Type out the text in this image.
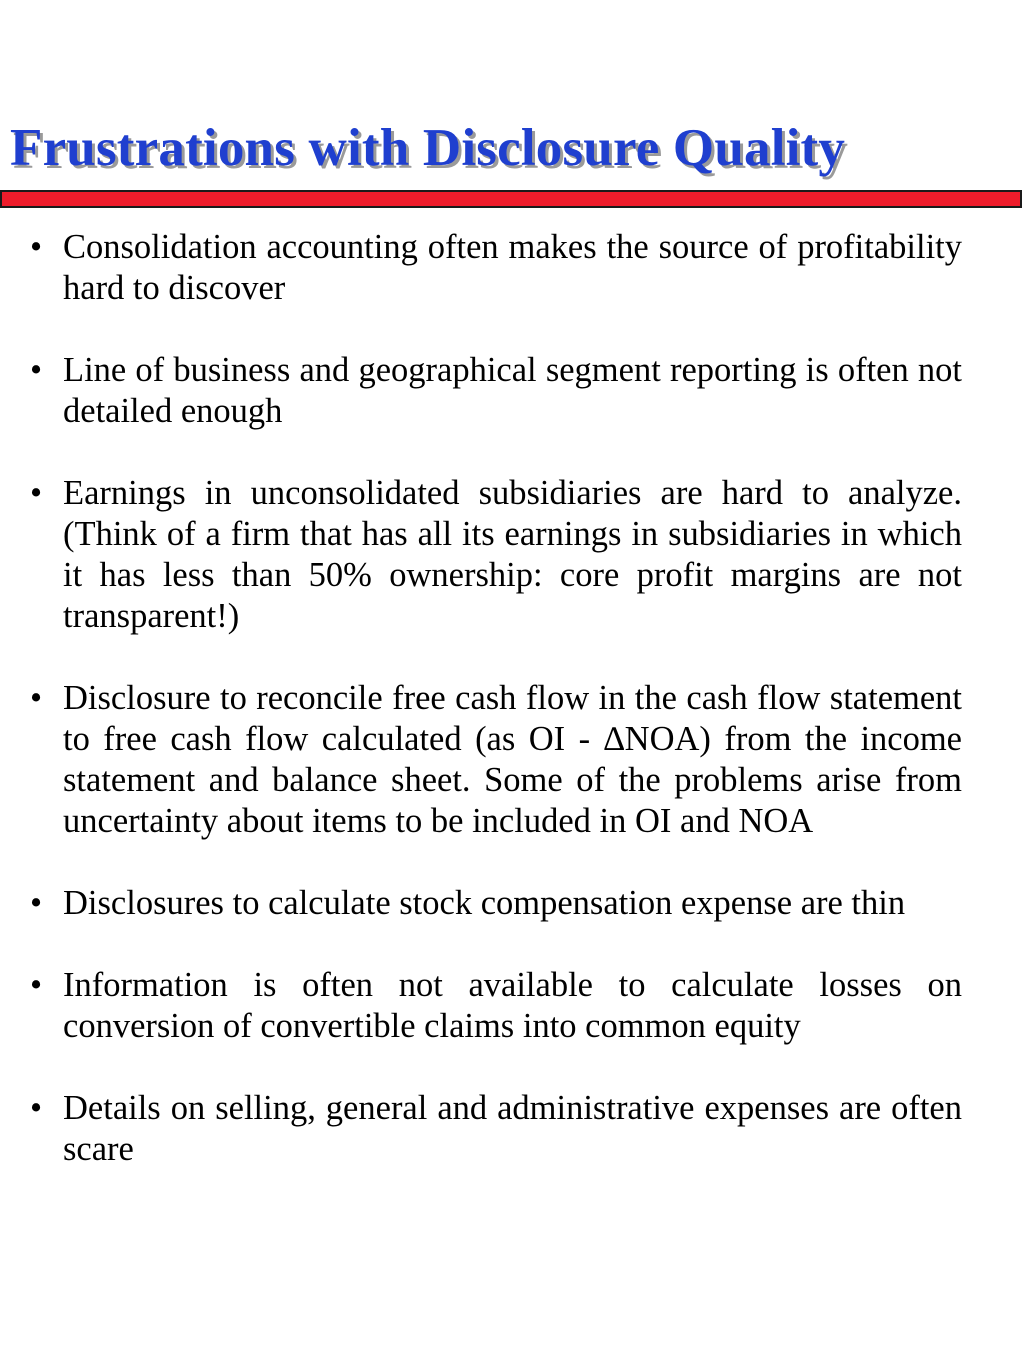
Frustrations with Disclosure Quality
• Consolidation accounting often makes the source of profitability hard to discover
• Line of business and geographical segment reporting is often not detailed enough
• Earnings in unconsolidated subsidiaries are hard to analyze. (Think of a firm that has all its earnings in subsidiaries in which it has less than 50% ownership: core profit margins are not transparent!)
• Disclosure to reconcile free cash flow in the cash flow statement to free cash flow calculated (as OI - ∆NOA) from the income statement and balance sheet. Some of the problems arise from uncertainty about items to be included in OI and NOA
• Disclosures to calculate stock compensation expense are thin
• Information is often not available to calculate losses on conversion of convertible claims into common equity
• Details on selling, general and administrative expenses are often scare
